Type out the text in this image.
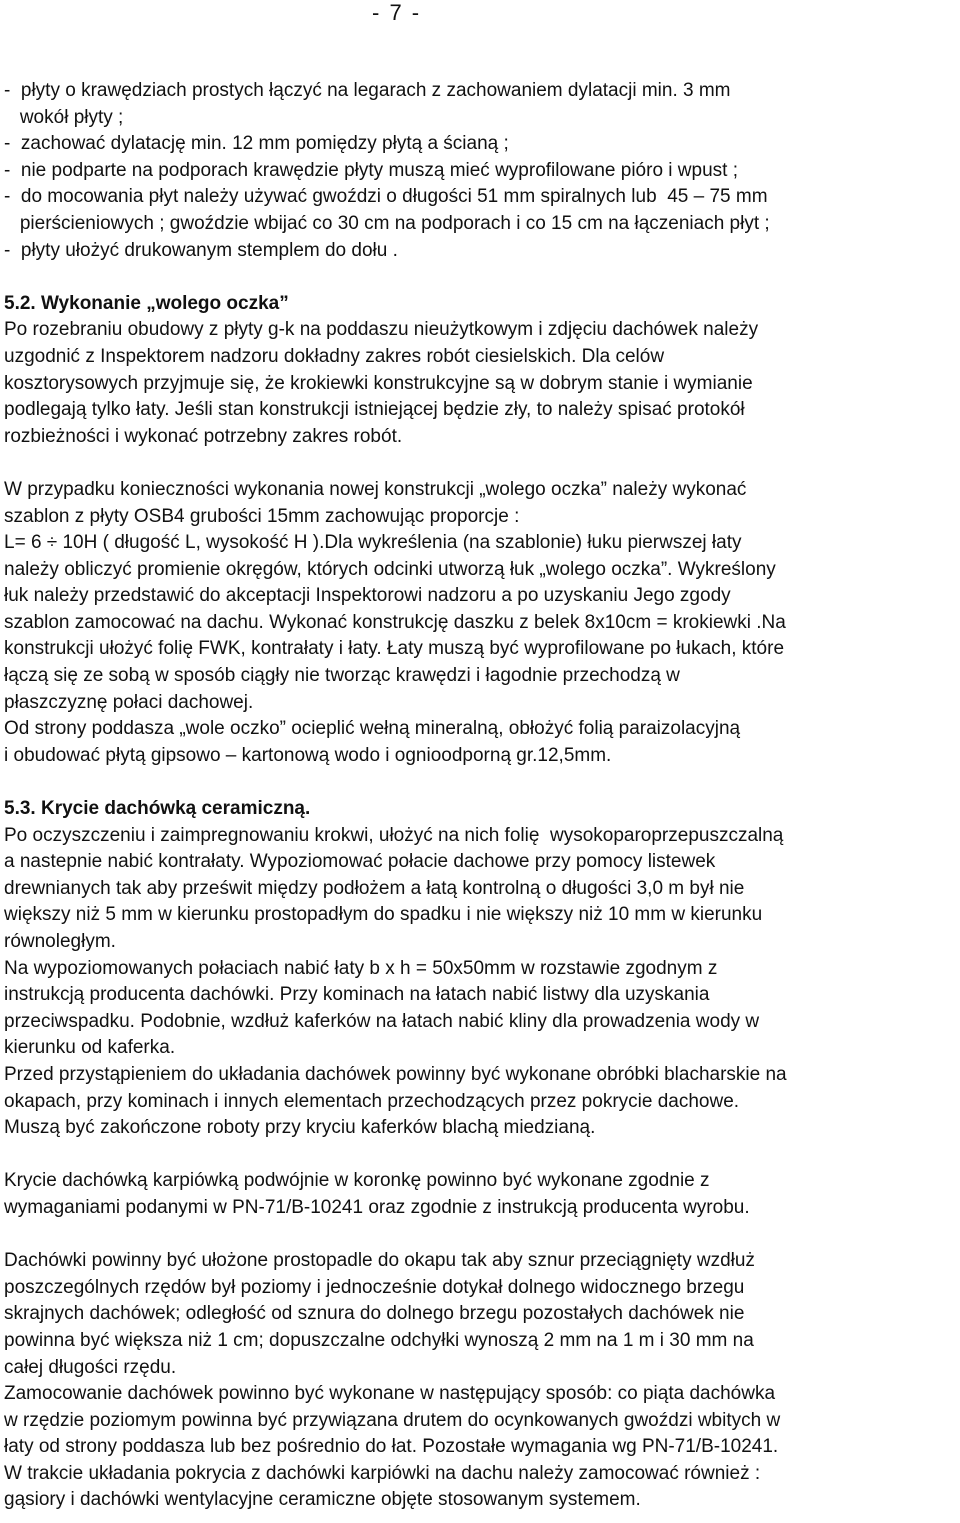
- 7 -
-  płyty o krawędziach prostych łączyć na legarach z zachowaniem dylatacji min. 3 mm
wokół płyty ;
-  zachować dylatację min. 12 mm pomiędzy płytą a ścianą ;
-  nie podparte na podporach krawędzie płyty muszą mieć wyprofilowane pióro i wpust ;
-  do mocowania płyt należy używać gwoździ o długości 51 mm spiralnych lub  45 – 75 mm
pierścieniowych ; gwoździe wbijać co 30 cm na podporach i co 15 cm na łączeniach płyt ;
-  płyty ułożyć drukowanym stemplem do dołu .
5.2. Wykonanie „wolego oczka”
Po rozebraniu obudowy z płyty g-k na poddaszu nieużytkowym i zdjęciu dachówek należy
uzgodnić z Inspektorem nadzoru dokładny zakres robót ciesielskich. Dla celów
kosztorysowych przyjmuje się, że krokiewki konstrukcyjne są w dobrym stanie i wymianie
podlegają tylko łaty. Jeśli stan konstrukcji istniejącej będzie zły, to należy spisać protokół
rozbieżności i wykonać potrzebny zakres robót.
W przypadku konieczności wykonania nowej konstrukcji „wolego oczka” należy wykonać
szablon z płyty OSB4 grubości 15mm zachowując proporcje :
L= 6 ÷ 10H ( długość L, wysokość H ).Dla wykreślenia (na szablonie) łuku pierwszej łaty
należy obliczyć promienie okręgów, których odcinki utworzą łuk „wolego oczka”. Wykreślony
łuk należy przedstawić do akceptacji Inspektorowi nadzoru a po uzyskaniu Jego zgody
szablon zamocować na dachu. Wykonać konstrukcję daszku z belek 8x10cm = krokiewki .Na
konstrukcji ułożyć folię FWK, kontrałaty i łaty. Łaty muszą być wyprofilowane po łukach, które
łączą się ze sobą w sposób ciągły nie tworząc krawędzi i łagodnie przechodzą w
płaszczyznę połaci dachowej.
Od strony poddasza „wole oczko” ocieplić wełną mineralną, obłożyć folią paraizolacyjną
i obudować płytą gipsowo – kartonową wodo i ognioodporną gr.12,5mm.
5.3. Krycie dachówką ceramiczną.
Po oczyszczeniu i zaimpregnowaniu krokwi, ułożyć na nich folię  wysokoparoprzepuszczalną
a nastepnie nabić kontrałaty. Wypoziomować połacie dachowe przy pomocy listewek
drewnianych tak aby prześwit między podłożem a łatą kontrolną o długości 3,0 m był nie
większy niż 5 mm w kierunku prostopadłym do spadku i nie większy niż 10 mm w kierunku
równoległym.
Na wypoziomowanych połaciach nabić łaty b x h = 50x50mm w rozstawie zgodnym z
instrukcją producenta dachówki. Przy kominach na łatach nabić listwy dla uzyskania
przeciwspadku. Podobnie, wzdłuż kaferków na łatach nabić kliny dla prowadzenia wody w
kierunku od kaferka.
Przed przystąpieniem do układania dachówek powinny być wykonane obróbki blacharskie na
okapach, przy kominach i innych elementach przechodzących przez pokrycie dachowe.
Muszą być zakończone roboty przy kryciu kaferków blachą miedzianą.
Krycie dachówką karpiówką podwójnie w koronkę powinno być wykonane zgodnie z
wymaganiami podanymi w PN-71/B-10241 oraz zgodnie z instrukcją producenta wyrobu.
Dachówki powinny być ułożone prostopadle do okapu tak aby sznur przeciągnięty wzdłuż
poszczególnych rzędów był poziomy i jednocześnie dotykał dolnego widocznego brzegu
skrajnych dachówek; odległość od sznura do dolnego brzegu pozostałych dachówek nie
powinna być większa niż 1 cm; dopuszczalne odchyłki wynoszą 2 mm na 1 m i 30 mm na
całej długości rzędu.
Zamocowanie dachówek powinno być wykonane w następujący sposób: co piąta dachówka
w rzędzie poziomym powinna być przywiązana drutem do ocynkowanych gwoździ wbitych w
łaty od strony poddasza lub bez pośrednio do łat. Pozostałe wymagania wg PN-71/B-10241.
W trakcie układania pokrycia z dachówki karpiówki na dachu należy zamocować również :
gąsiory i dachówki wentylacyjne ceramiczne objęte stosowanym systemem.
